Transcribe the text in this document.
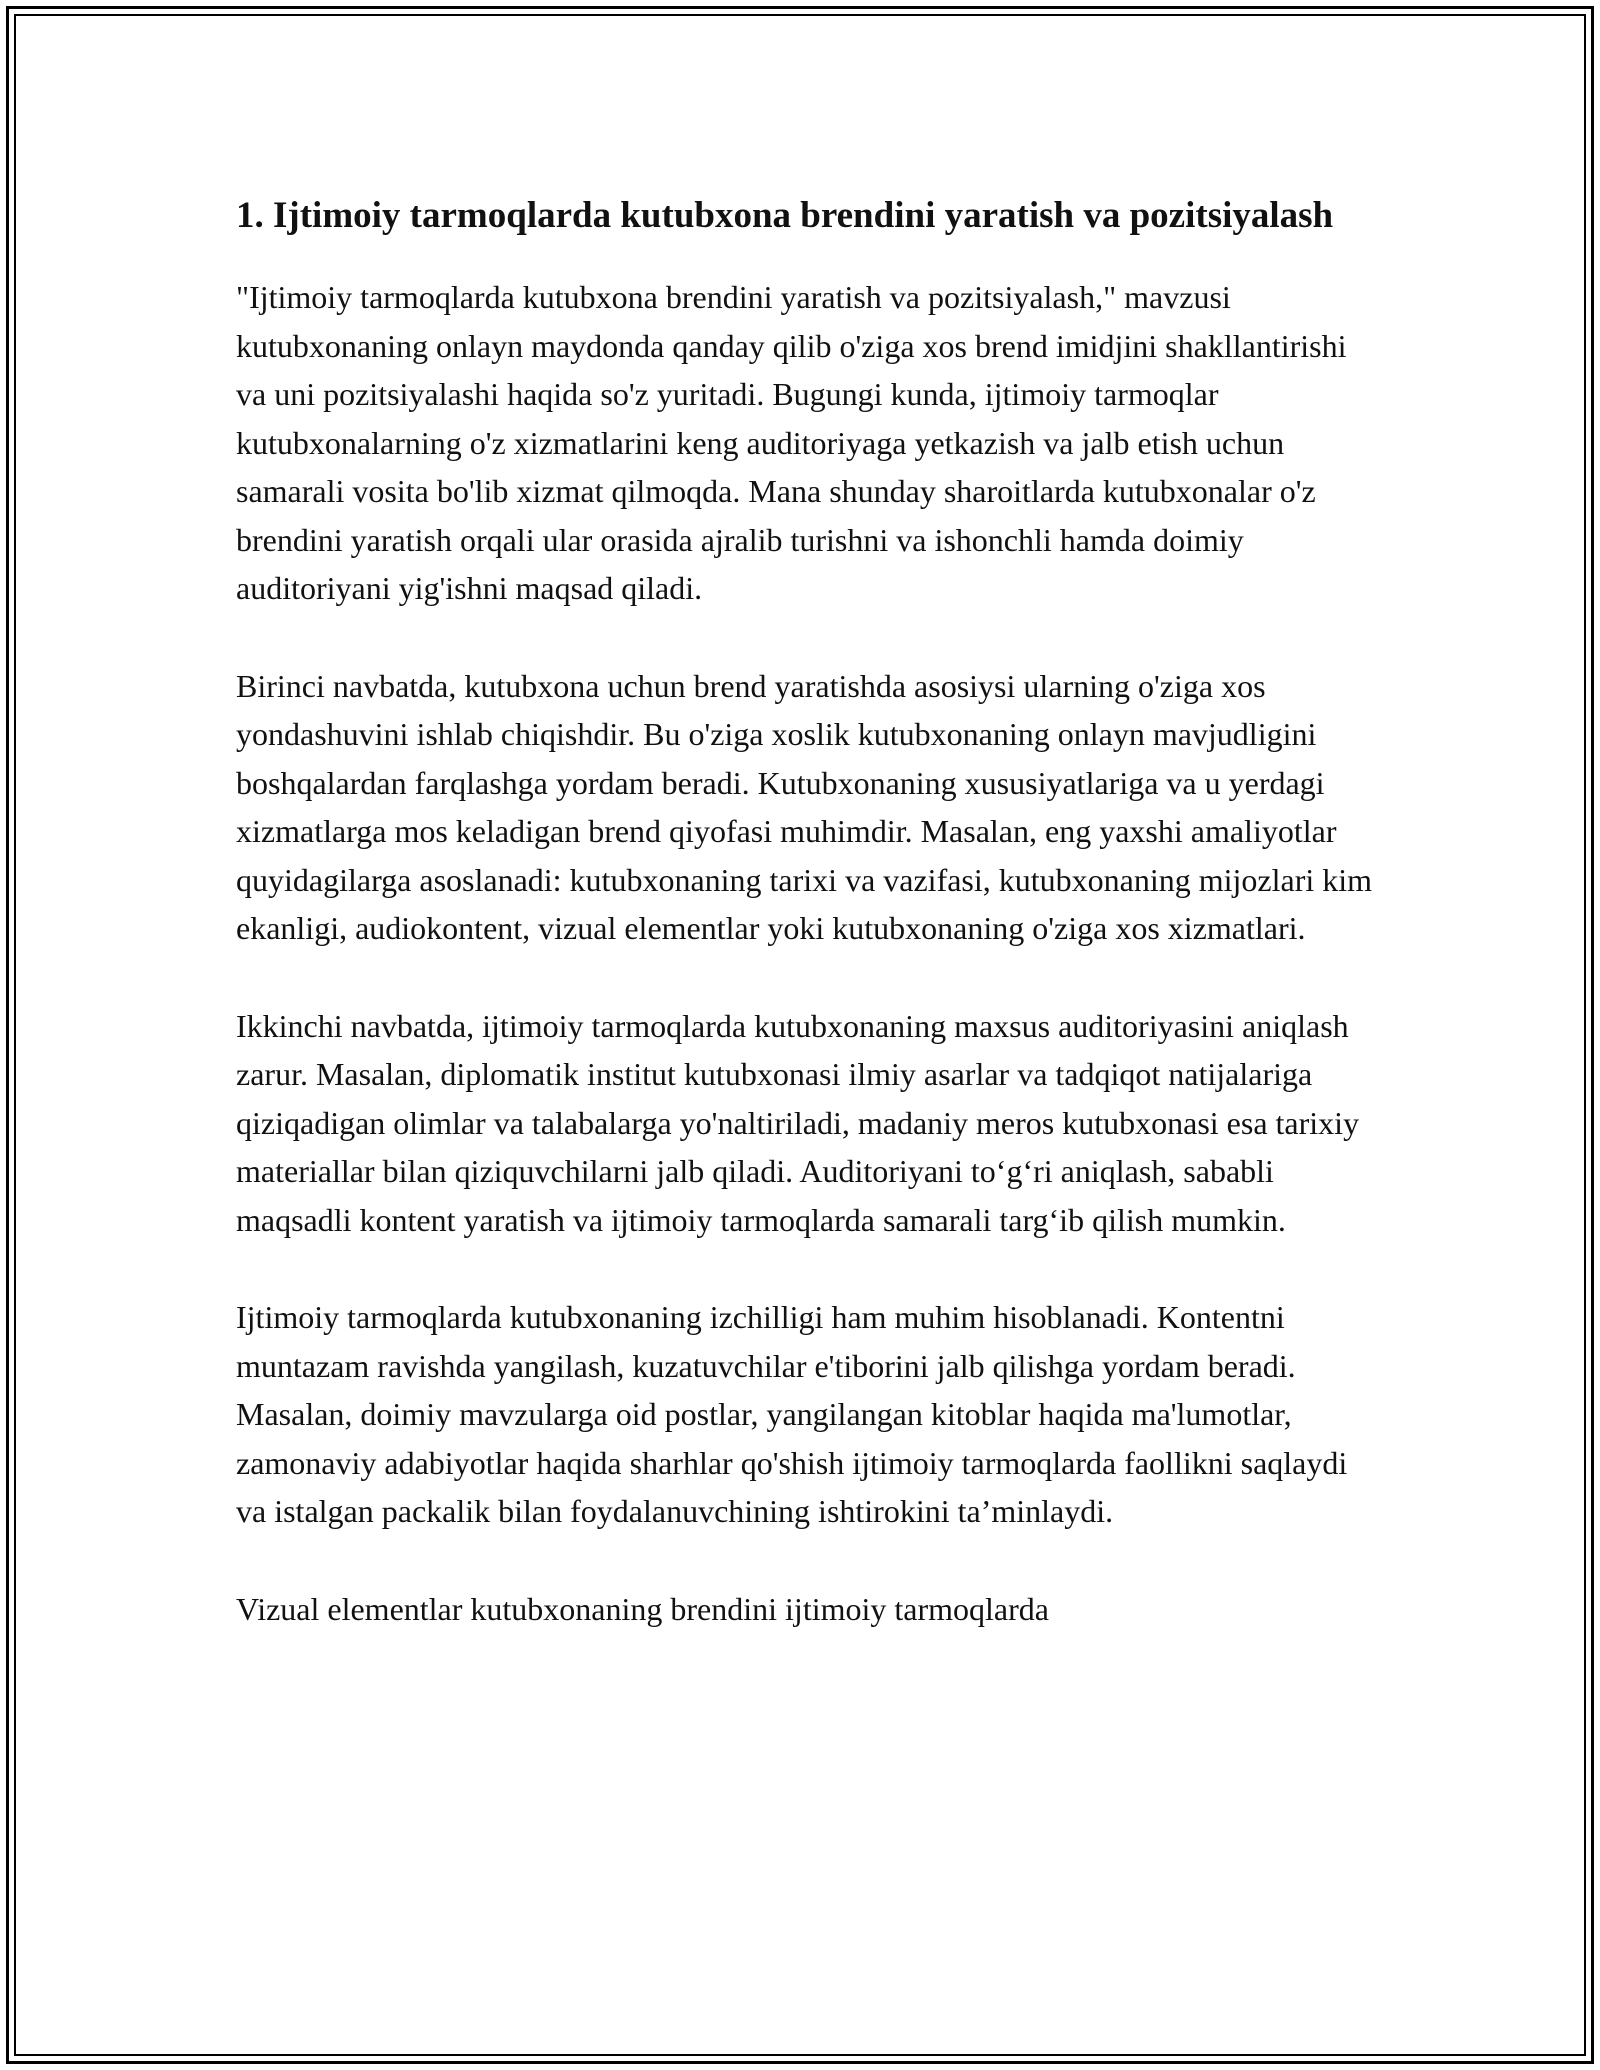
1. Ijtimoiy tarmoqlarda kutubxona brendini yaratish va pozitsiyalash

"Ijtimoiy tarmoqlarda kutubxona brendini yaratish va pozitsiyalash," mavzusi kutubxonaning onlayn maydonda qanday qilib o'ziga xos brend imidjini shakllantirishi va uni pozitsiyalashi haqida so'z yuritadi. Bugungi kunda, ijtimoiy tarmoqlar kutubxonalarning o'z xizmatlarini keng auditoriyaga yetkazish va jalb etish uchun samarali vosita bo'lib xizmat qilmoqda. Mana shunday sharoitlarda kutubxonalar o'z brendini yaratish orqali ular orasida ajralib turishni va ishonchli hamda doimiy auditoriyani yig'ishni maqsad qiladi.

Birinci navbatda, kutubxona uchun brend yaratishda asosiysi ularning o'ziga xos yondashuvini ishlab chiqishdir. Bu o'ziga xoslik kutubxonaning onlayn mavjudligini boshqalardan farqlashga yordam beradi. Kutubxonaning xususiyatlariga va u yerdagi xizmatlarga mos keladigan brend qiyofasi muhimdir. Masalan, eng yaxshi amaliyotlar quyidagilarga asoslanadi: kutubxonaning tarixi va vazifasi, kutubxonaning mijozlari kim ekanligi, audiokontent, vizual elementlar yoki kutubxonaning o'ziga xos xizmatlari.

Ikkinchi navbatda, ijtimoiy tarmoqlarda kutubxonaning maxsus auditoriyasini aniqlash zarur. Masalan, diplomatik institut kutubxonasi ilmiy asarlar va tadqiqot natijalariga qiziqadigan olimlar va talabalarga yo'naltiriladi, madaniy meros kutubxonasi esa tarixiy materiallar bilan qiziquvchilarni jalb qiladi. Auditoriyani to‘g‘ri aniqlash, sababli maqsadli kontent yaratish va ijtimoiy tarmoqlarda samarali targ‘ib qilish mumkin.

Ijtimoiy tarmoqlarda kutubxonaning izchilligi ham muhim hisoblanadi. Kontentni muntazam ravishda yangilash, kuzatuvchilar e'tiborini jalb qilishga yordam beradi. Masalan, doimiy mavzularga oid postlar, yangilangan kitoblar haqida ma'lumotlar, zamonaviy adabiyotlar haqida sharhlar qo'shish ijtimoiy tarmoqlarda faollikni saqlaydi va istalgan packalik bilan foydalanuvchining ishtirokini ta’minlaydi.

Vizual elementlar kutubxonaning brendini ijtimoiy tarmoqlarda
